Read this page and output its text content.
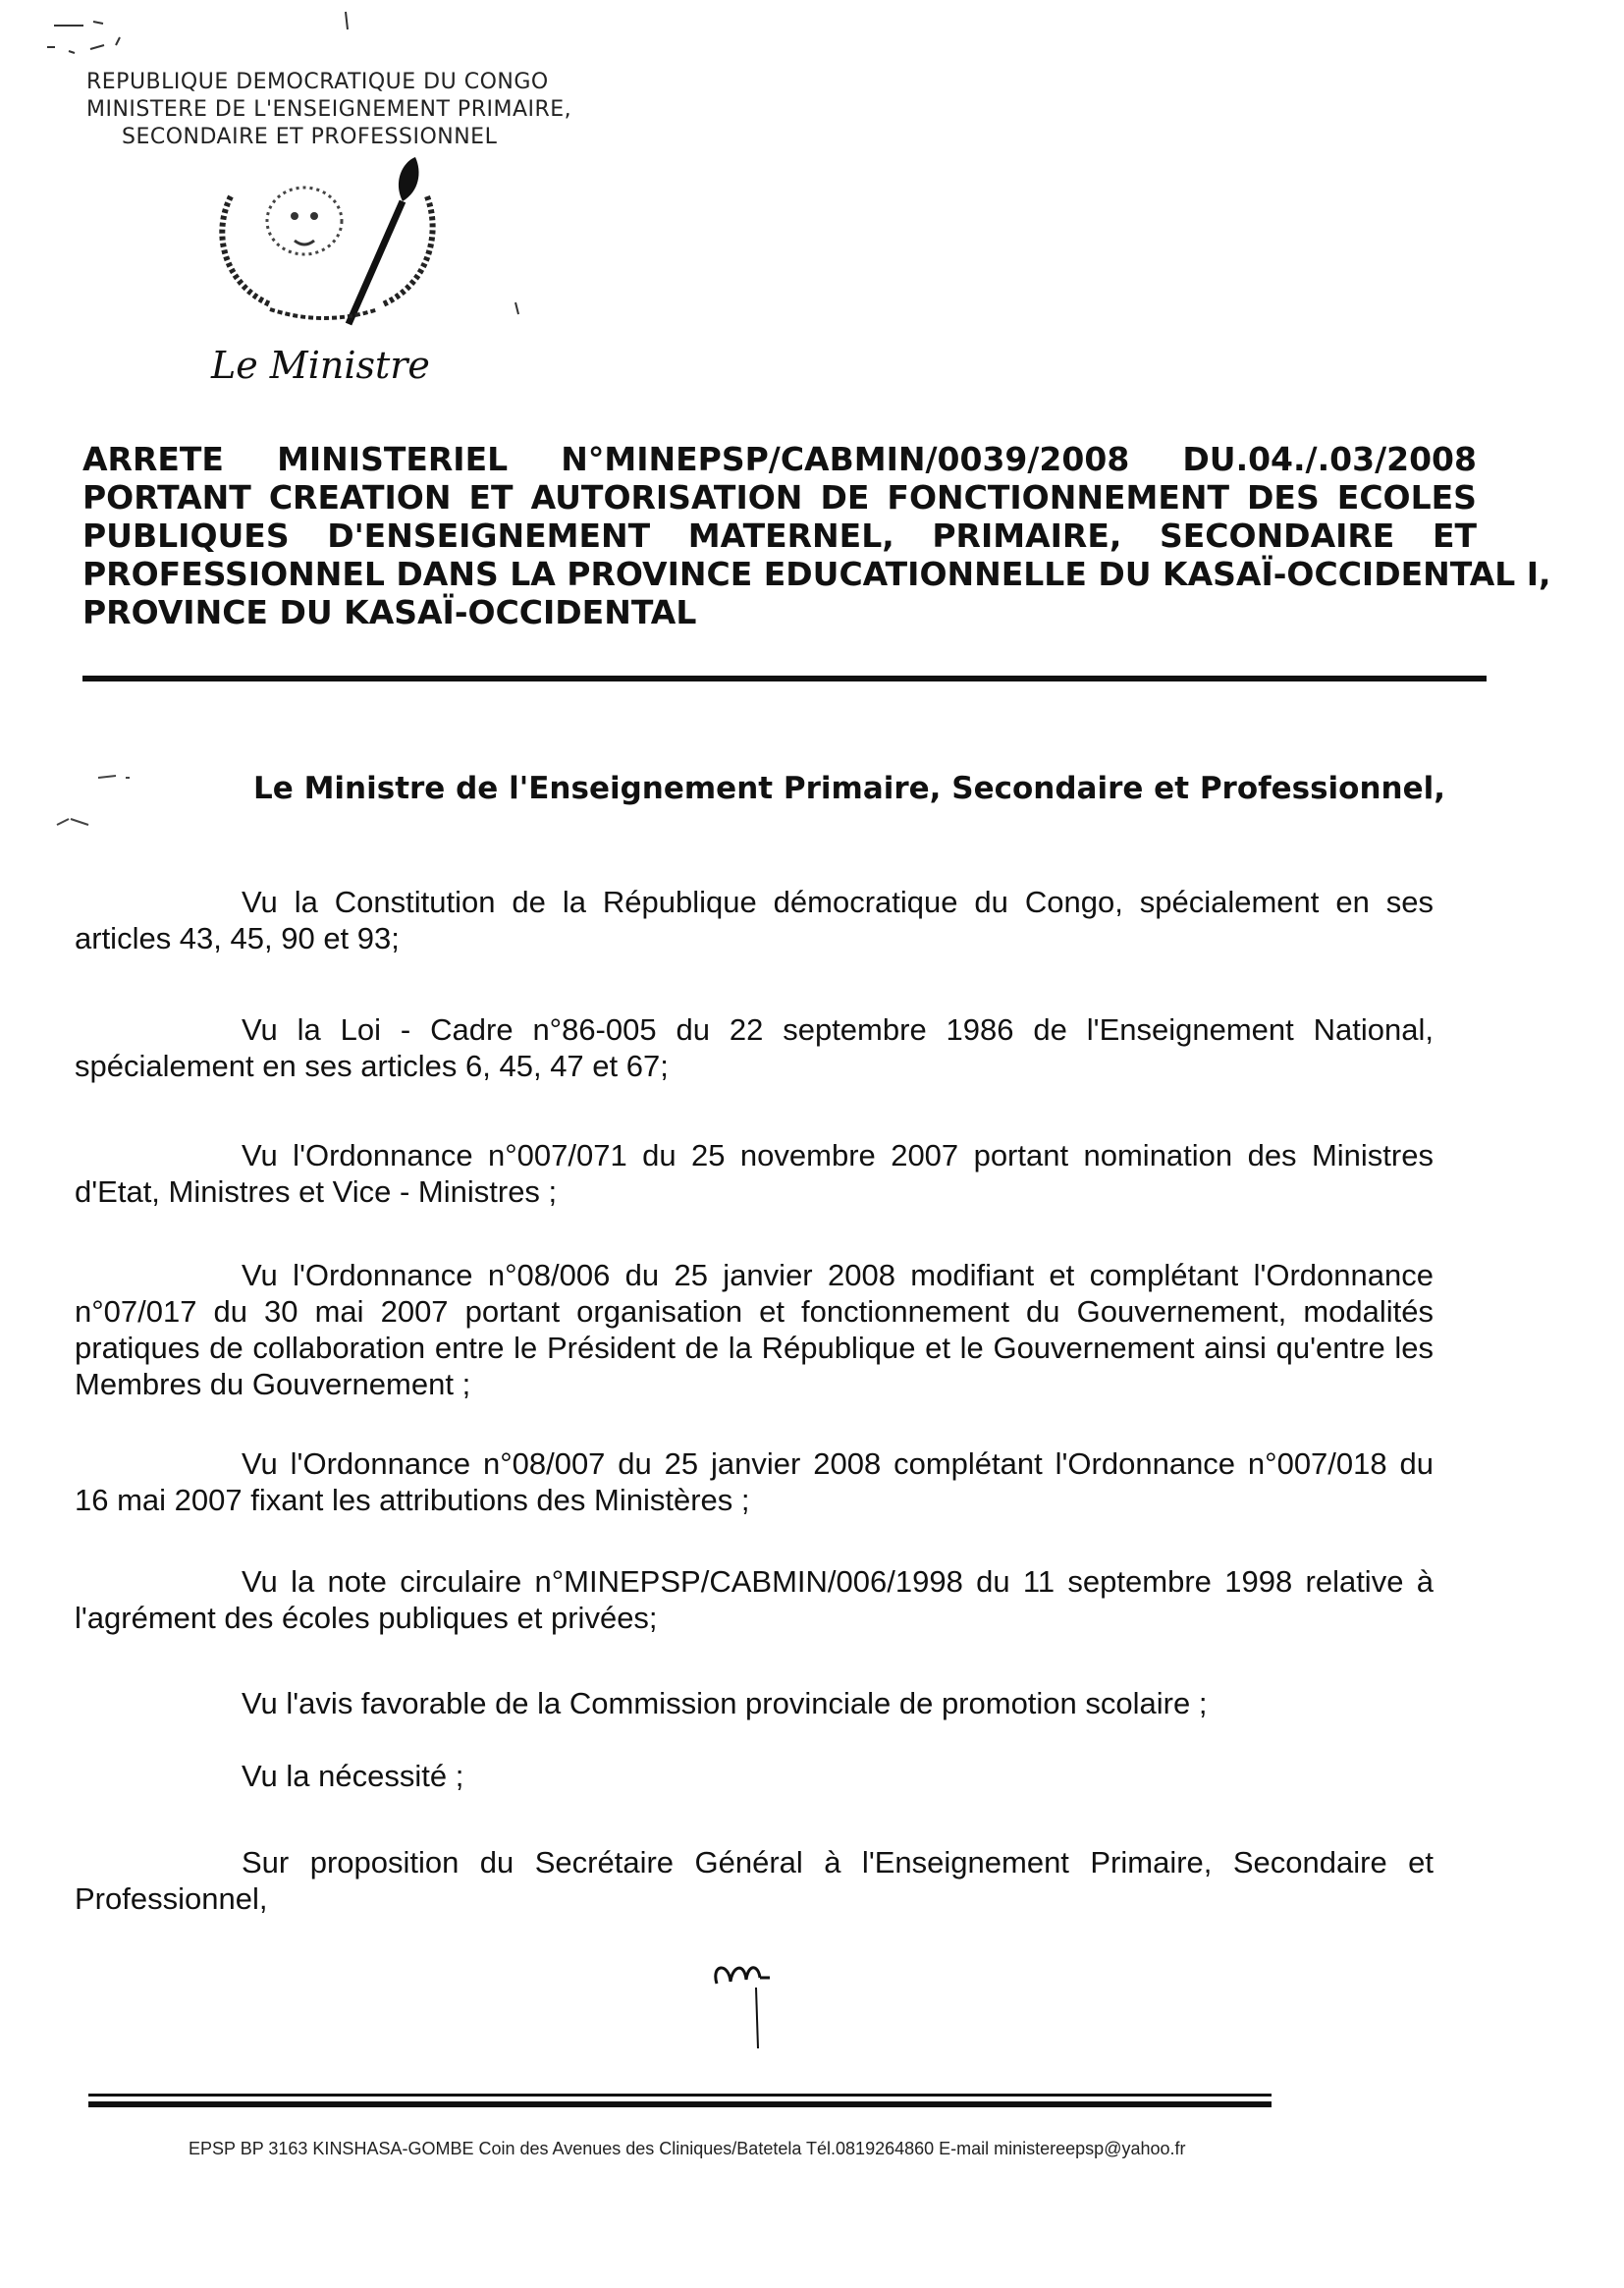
REPUBLIQUE DEMOCRATIQUE DU CONGO
MINISTERE DE L'ENSEIGNEMENT PRIMAIRE,
SECONDAIRE ET PROFESSIONNEL
Le Ministre
ARRETE MINISTERIEL N°MINEPSP/CABMIN/0039/2008 DU.04./.03/2008
PORTANT CREATION ET AUTORISATION DE FONCTIONNEMENT DES ECOLES
PUBLIQUES D'ENSEIGNEMENT MATERNEL, PRIMAIRE, SECONDAIRE ET
PROFESSIONNEL DANS LA PROVINCE EDUCATIONNELLE DU KASAÏ-OCCIDENTAL I,
PROVINCE DU KASAÏ-OCCIDENTAL
Le Ministre de l'Enseignement Primaire, Secondaire et Professionnel,

Vu la Constitution de la République démocratique du Congo, spécialement en ses articles 43, 45, 90 et 93;

Vu la Loi - Cadre n°86-005 du 22 septembre 1986 de l'Enseignement National, spécialement en ses articles 6, 45, 47 et 67;

Vu l'Ordonnance n°007/071 du 25 novembre 2007 portant nomination des Ministres d'Etat, Ministres et Vice - Ministres ;

Vu l'Ordonnance n°08/006 du 25 janvier 2008 modifiant et complétant l'Ordonnance n°07/017 du 30 mai 2007 portant organisation et fonctionnement du Gouvernement, modalités pratiques de collaboration entre le Président de la République et le Gouvernement ainsi qu'entre les Membres du Gouvernement ;

Vu l'Ordonnance n°08/007 du 25 janvier 2008 complétant l'Ordonnance n°007/018 du 16 mai 2007 fixant les attributions des Ministères ;

Vu la note circulaire n°MINEPSP/CABMIN/006/1998 du 11 septembre 1998 relative à l'agrément des écoles publiques et privées;

Vu l'avis favorable de la Commission provinciale de promotion scolaire ;

Vu la nécessité ;

Sur proposition du Secrétaire Général à l'Enseignement Primaire, Secondaire et Professionnel,

EPSP BP 3163 KINSHASA-GOMBE Coin des Avenues des Cliniques/Batetela Tél.0819264860 E-mail ministereepsp@yahoo.fr
